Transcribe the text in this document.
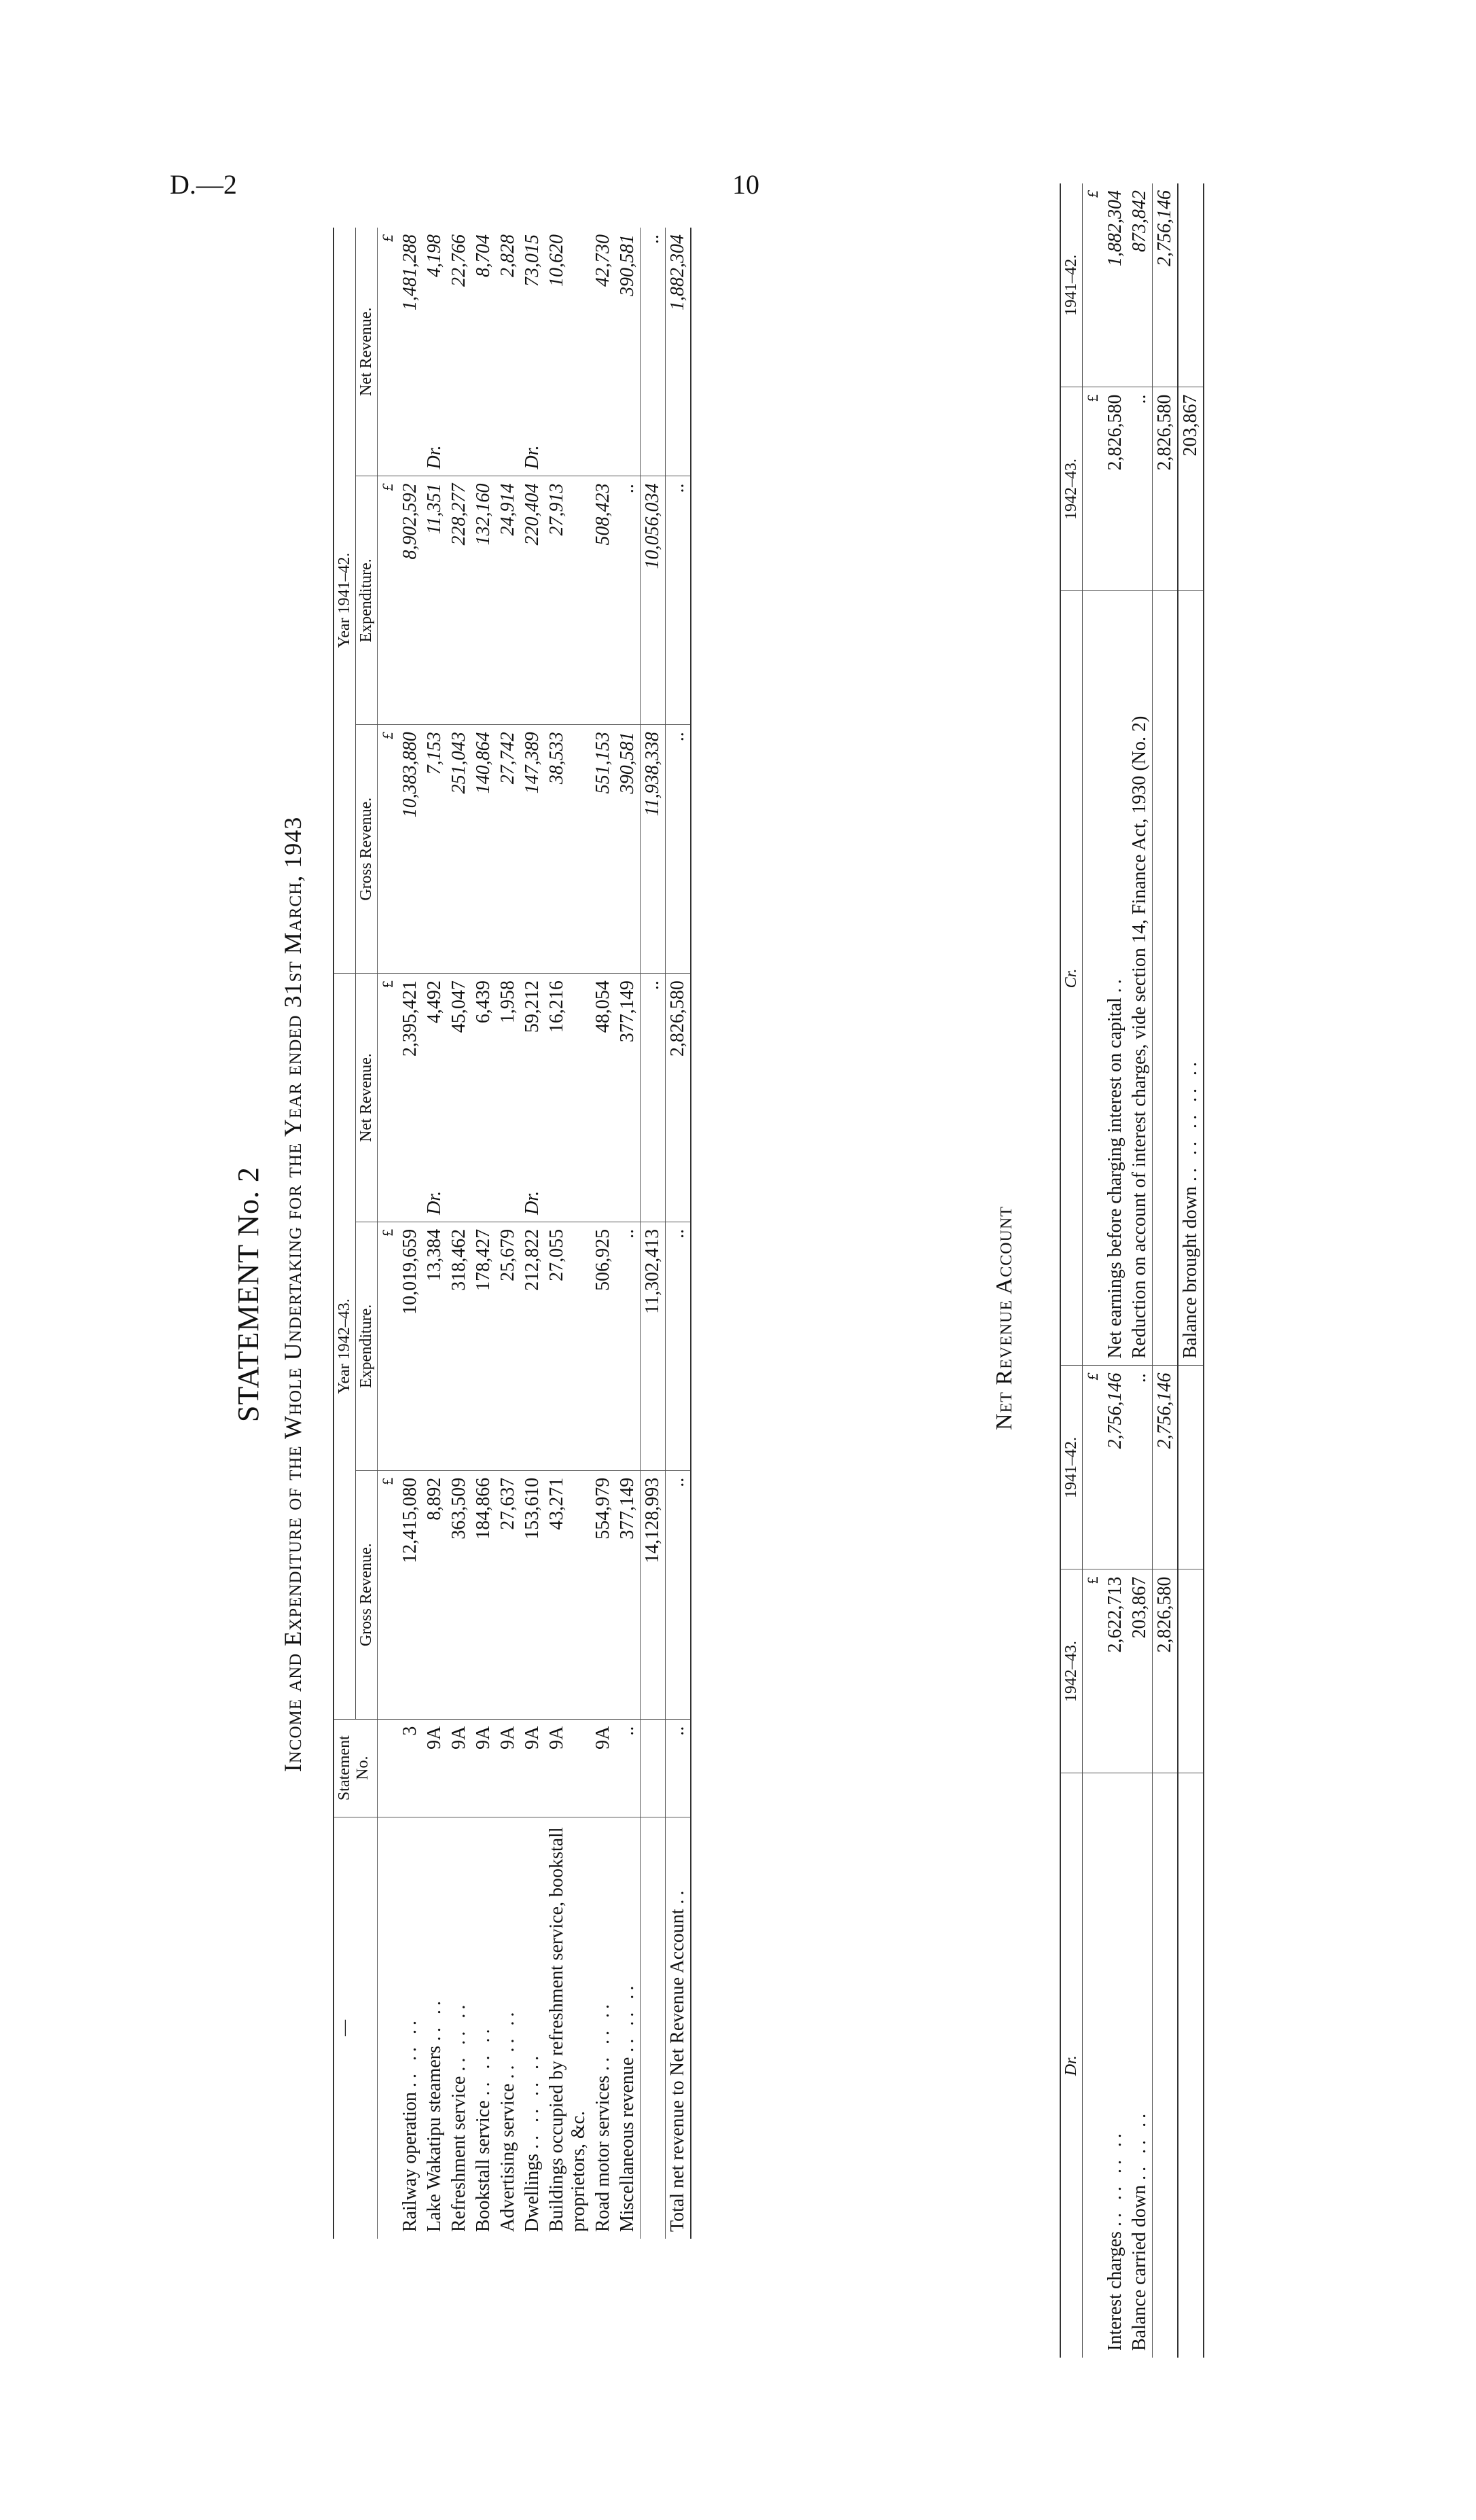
D.—2	10
STATEMENT No. 2 Income and Expenditure of the Whole Undertaking for the Year ended 31st March, 1943
—	Statement No.	Year 1942–43.				Year 1941–42.			
		Gross Revenue.	Expenditure.	Net Revenue.		Gross Revenue.	Expenditure.	Net Revenue.	
		£	£		£	£	£		£
Railway operation .. .. ..	3	12,415,080	10,019,659		2,395,421	10,383,880	8,902,592		1,481,288
Lake Wakatipu steamers .. ..	9A	8,892	13,384	Dr.	4,492	7,153	11,351	Dr.	4,198
Refreshment service .. .. ..	9A	363,509	318,462		45,047	251,043	228,277		22,766
Bookstall service .. .. ..	9A	184,866	178,427		6,439	140,864	132,160		8,704
Advertising service .. .. ..	9A	27,637	25,679		1,958	27,742	24,914		2,828
Dwellings .. .. .. ..	9A	153,610	212,822	Dr.	59,212	147,389	220,404	Dr.	73,015
Buildings occupied by refreshment service, bookstall proprietors, &c.	9A	43,271	27,055		16,216	38,533	27,913		10,620
Road motor services .. .. ..	9A	554,979	506,925		48,054	551,153	508,423		42,730
Miscellaneous revenue .. .. ..	..	377,149	..		377,149	390,581	..		390,581
		14,128,993	11,302,413		..	11,938,338	10,056,034		..
Total net revenue to Net Revenue Account ..	..	..	..		2,826,580	..	..		1,882,304
Net Revenue Account
Dr.	1942–43.	1941–42.	Cr.	1942–43.	1941–42.
	£	£		£	£
Interest charges .. .. .. ..	2,622,713	2,756,146	Net earnings before charging interest on capital ..	2,826,580	1,882,304
Balance carried down .. .. ..	203,867	..	Reduction on account of interest charges, vide section 14, Finance Act, 1930 (No. 2)	..	873,842
	2,826,580	2,756,146		2,826,580	2,756,146
			Balance brought down .. .. .. .. ..	203,867	
